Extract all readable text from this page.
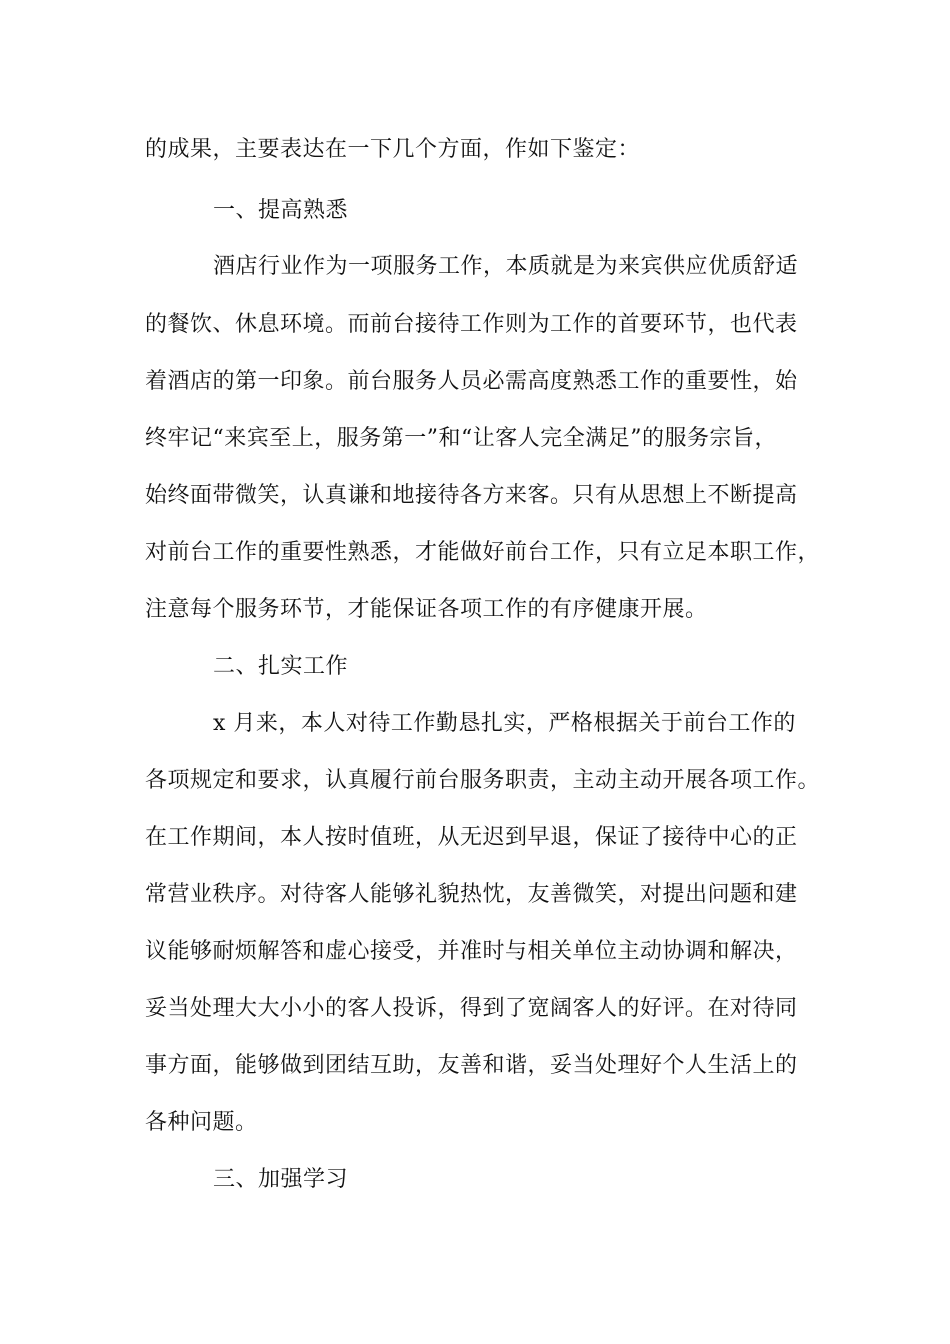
的成果，主要表达在一下几个方面，作如下鉴定：
一、提高熟悉
酒店行业作为一项服务工作，本质就是为来宾供应优质舒适
的餐饮、休息环境。而前台接待工作则为工作的首要环节，也代表
着酒店的第一印象。前台服务人员必需高度熟悉工作的重要性，始
终牢记“来宾至上，服务第一”和“让客人完全满足”的服务宗旨，
始终面带微笑，认真谦和地接待各方来客。只有从思想上不断提高
对前台工作的重要性熟悉，才能做好前台工作，只有立足本职工作，
注意每个服务环节，才能保证各项工作的有序健康开展。
二、扎实工作
x 月来，本人对待工作勤恳扎实，严格根据关于前台工作的
各项规定和要求，认真履行前台服务职责，主动主动开展各项工作。
在工作期间，本人按时值班，从无迟到早退，保证了接待中心的正
常营业秩序。对待客人能够礼貌热忱，友善微笑，对提出问题和建
议能够耐烦解答和虚心接受，并准时与相关单位主动协调和解决，
妥当处理大大小小的客人投诉，得到了宽阔客人的好评。在对待同
事方面，能够做到团结互助，友善和谐，妥当处理好个人生活上的
各种问题。
三、加强学习
